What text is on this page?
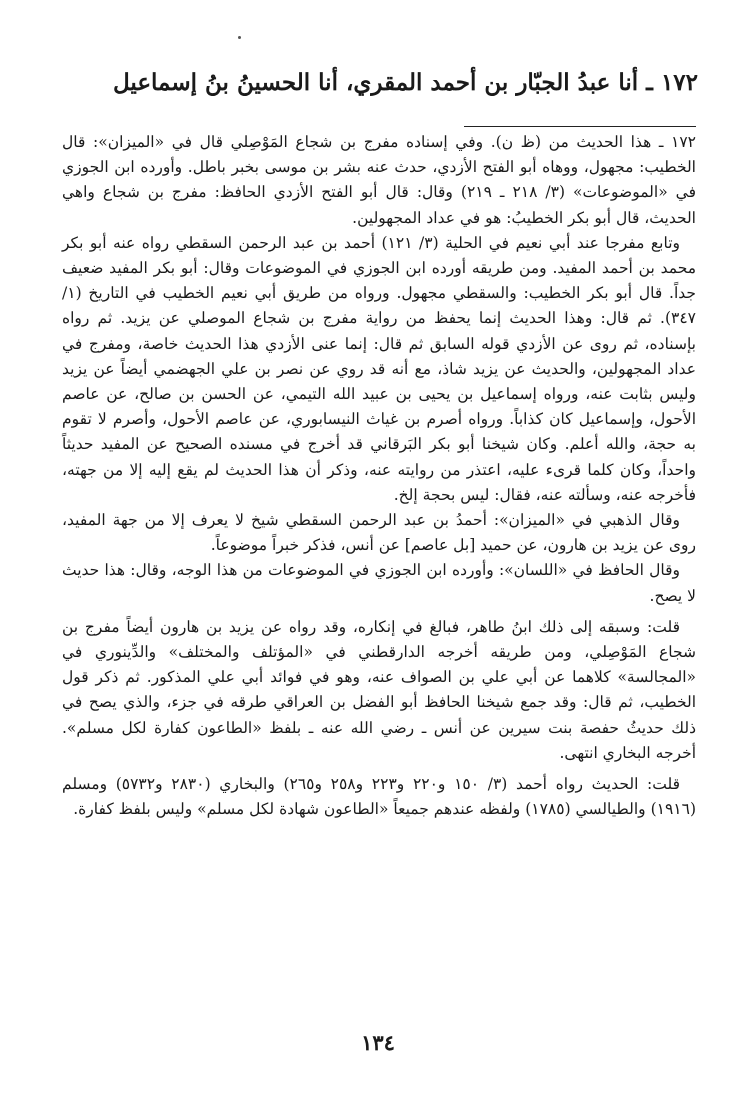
١٧٢ ـ أنا عبدُ الجبّار بن أحمد المقري، أنا الحسينُ بنُ إسماعيل

١٧٢ ـ هذا الحديث من (ظ ن). وفي إسناده مفرج بن شجاع المَوْصِلي قال في «الميزان»: قال الخطيب: مجهول، ووهاه أبو الفتح الأزدي، حدث عنه بشر بن موسى بخبر باطل. وأورده ابن الجوزي في «الموضوعات» (٣/ ٢١٨ ـ ٢١٩) وقال: قال أبو الفتح الأزدي الحافظ: مفرج بن شجاع واهي الحديث، قال أبو بكر الخطيبُ: هو في عداد المجهولين.

وتابع مفرجا عند أبي نعيم في الحلية (٣/ ١٢١) أحمد بن عبد الرحمن السقطي رواه عنه أبو بكر محمد بن أحمد المفيد. ومن طريقه أورده ابن الجوزي في الموضوعات وقال: أبو بكر المفيد ضعيف جداً. قال أبو بكر الخطيب: والسقطي مجهول. ورواه من طريق أبي نعيم الخطيب في التاريخ (١/ ٣٤٧). ثم قال: وهذا الحديث إنما يحفظ من رواية مفرج بن شجاع الموصلي عن يزيد. ثم رواه بإسناده، ثم روى عن الأزدي قوله السابق ثم قال: إنما عنى الأزدي هذا الحديث خاصة، ومفرج في عداد المجهولين، والحديث عن يزيد شاذ، مع أنه قد روي عن نصر بن علي الجهضمي أيضاً عن يزيد وليس بثابت عنه، ورواه إسماعيل بن يحيى بن عبيد الله التيمي، عن الحسن بن صالح، عن عاصم الأحول، وإسماعيل كان كذاباً. ورواه أصرم بن غياث النيسابوري، عن عاصم الأحول، وأصرم لا تقوم به حجة، والله أعلم. وكان شيخنا أبو بكر البَرقاني قد أخرج في مسنده الصحيح عن المفيد حديثاً واحداً، وكان كلما قرىء عليه، اعتذر من روايته عنه، وذكر أن هذا الحديث لم يقع إليه إلا من جهته، فأخرجه عنه، وسألته عنه، فقال: ليس بحجة إلخ.

وقال الذهبي في «الميزان»: أحمدُ بن عبد الرحمن السقطي شيخ لا يعرف إلا من جهة المفيد، روى عن يزيد بن هارون، عن حميد [بل عاصم] عن أنس، فذكر خبراً موضوعاً.

وقال الحافظ في «اللسان»: وأورده ابن الجوزي في الموضوعات من هذا الوجه، وقال: هذا حديث لا يصح.

قلت: وسبقه إلى ذلك ابنُ طاهر، فبالغ في إنكاره، وقد رواه عن يزيد بن هارون أيضاً مفرج بن شجاع المَوْصِلي، ومن طريقه أخرجه الدارقطني في «المؤتلف والمختلف» والدِّينوري في «المجالسة» كلاهما عن أبي علي بن الصواف عنه، وهو في فوائد أبي علي المذكور. ثم ذكر قول الخطيب، ثم قال: وقد جمع شيخنا الحافظ أبو الفضل بن العراقي طرقه في جزء، والذي يصح في ذلك حديثُ حفصة بنت سيرين عن أنس ـ رضي الله عنه ـ بلفظ «الطاعون كفارة لكل مسلم». أخرجه البخاري انتهى.

قلت: الحديث رواه أحمد (٣/ ١٥٠ و٢٢٠ و٢٢٣ و٢٥٨ و٢٦٥) والبخاري (٢٨٣٠ و٥٧٣٢) ومسلم (١٩١٦) والطيالسي (١٧٨٥) ولفظه عندهم جميعاً «الطاعون شهادة لكل مسلم» وليس بلفظ كفارة.

١٣٤
